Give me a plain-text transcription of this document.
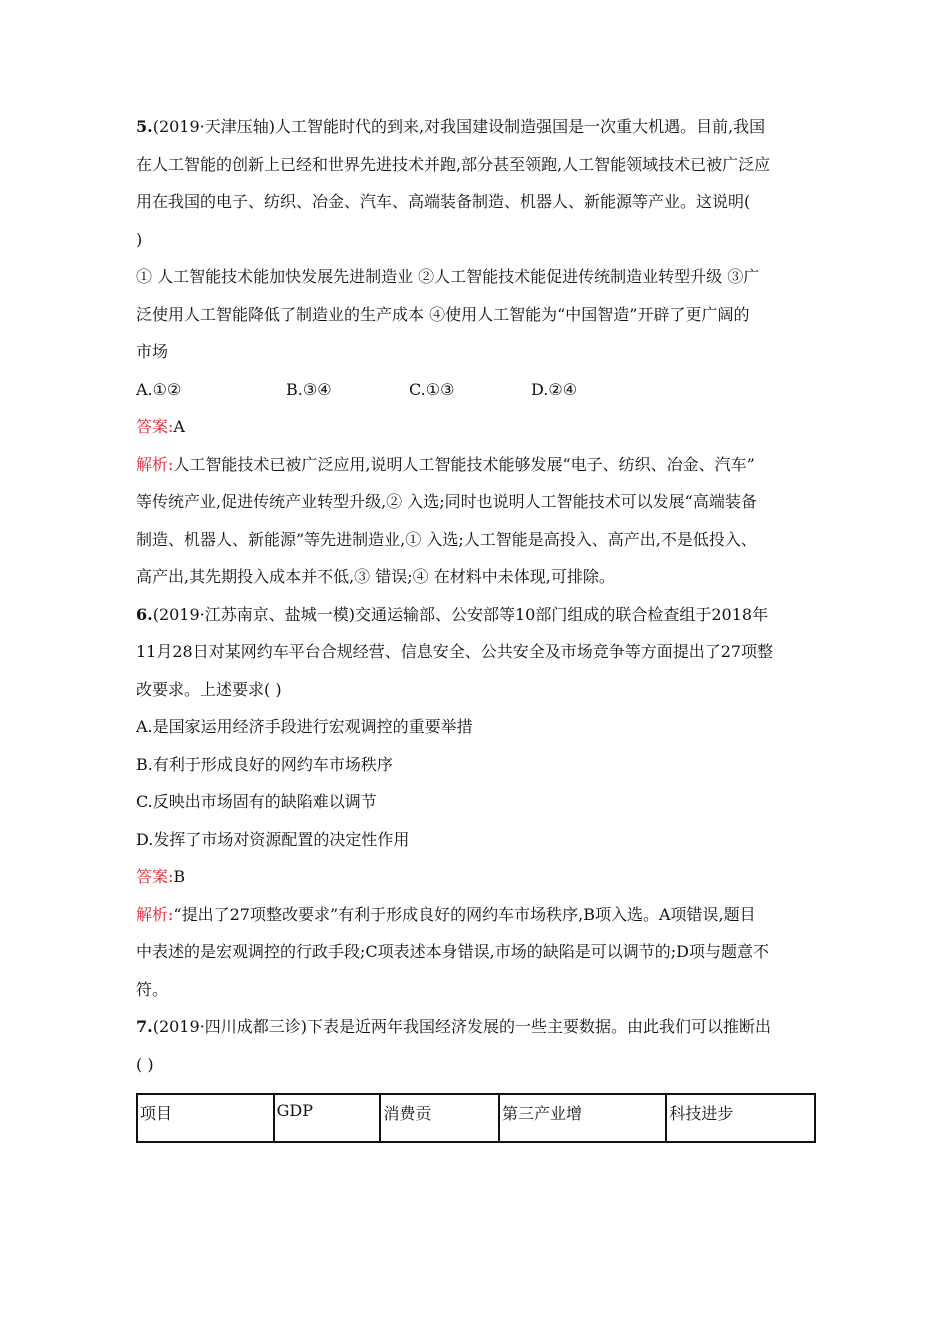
5.(2019·天津压轴)人工智能时代的到来,对我国建设制造强国是一次重大机遇。目前,我国
在人工智能的创新上已经和世界先进技术并跑,部分甚至领跑,人工智能领域技术已被广泛应
用在我国的电子、纺织、冶金、汽车、高端装备制造、机器人、新能源等产业。这说明(
)
① 人工智能技术能加快发展先进制造业 ②人工智能技术能促进传统制造业转型升级 ③广
泛使用人工智能降低了制造业的生产成本 ④使用人工智能为“中国智造”开辟了更广阔的
市场
A.①②	B.③④	C.①③	D.②④
答案:A
解析:人工智能技术已被广泛应用,说明人工智能技术能够发展“电子、纺织、冶金、汽车”
等传统产业,促进传统产业转型升级,② 入选;同时也说明人工智能技术可以发展“高端装备
制造、机器人、新能源”等先进制造业,① 入选;人工智能是高投入、高产出,不是低投入、
高产出,其先期投入成本并不低,③ 错误;④ 在材料中未体现,可排除。
6.(2019·江苏南京、盐城一模)交通运输部、公安部等10部门组成的联合检查组于2018年
11月28日对某网约车平台合规经营、信息安全、公共安全及市场竞争等方面提出了27项整
改要求。上述要求( )
A.是国家运用经济手段进行宏观调控的重要举措
B.有利于形成良好的网约车市场秩序
C.反映出市场固有的缺陷难以调节
D.发挥了市场对资源配置的决定性作用
答案:B
解析:“提出了27项整改要求”有利于形成良好的网约车市场秩序,B项入选。A项错误,题目
中表述的是宏观调控的行政手段;C项表述本身错误,市场的缺陷是可以调节的;D项与题意不
符。
7.(2019·四川成都三诊)下表是近两年我国经济发展的一些主要数据。由此我们可以推断出
( )
项目	GDP	消费贡	第三产业增	科技进步
